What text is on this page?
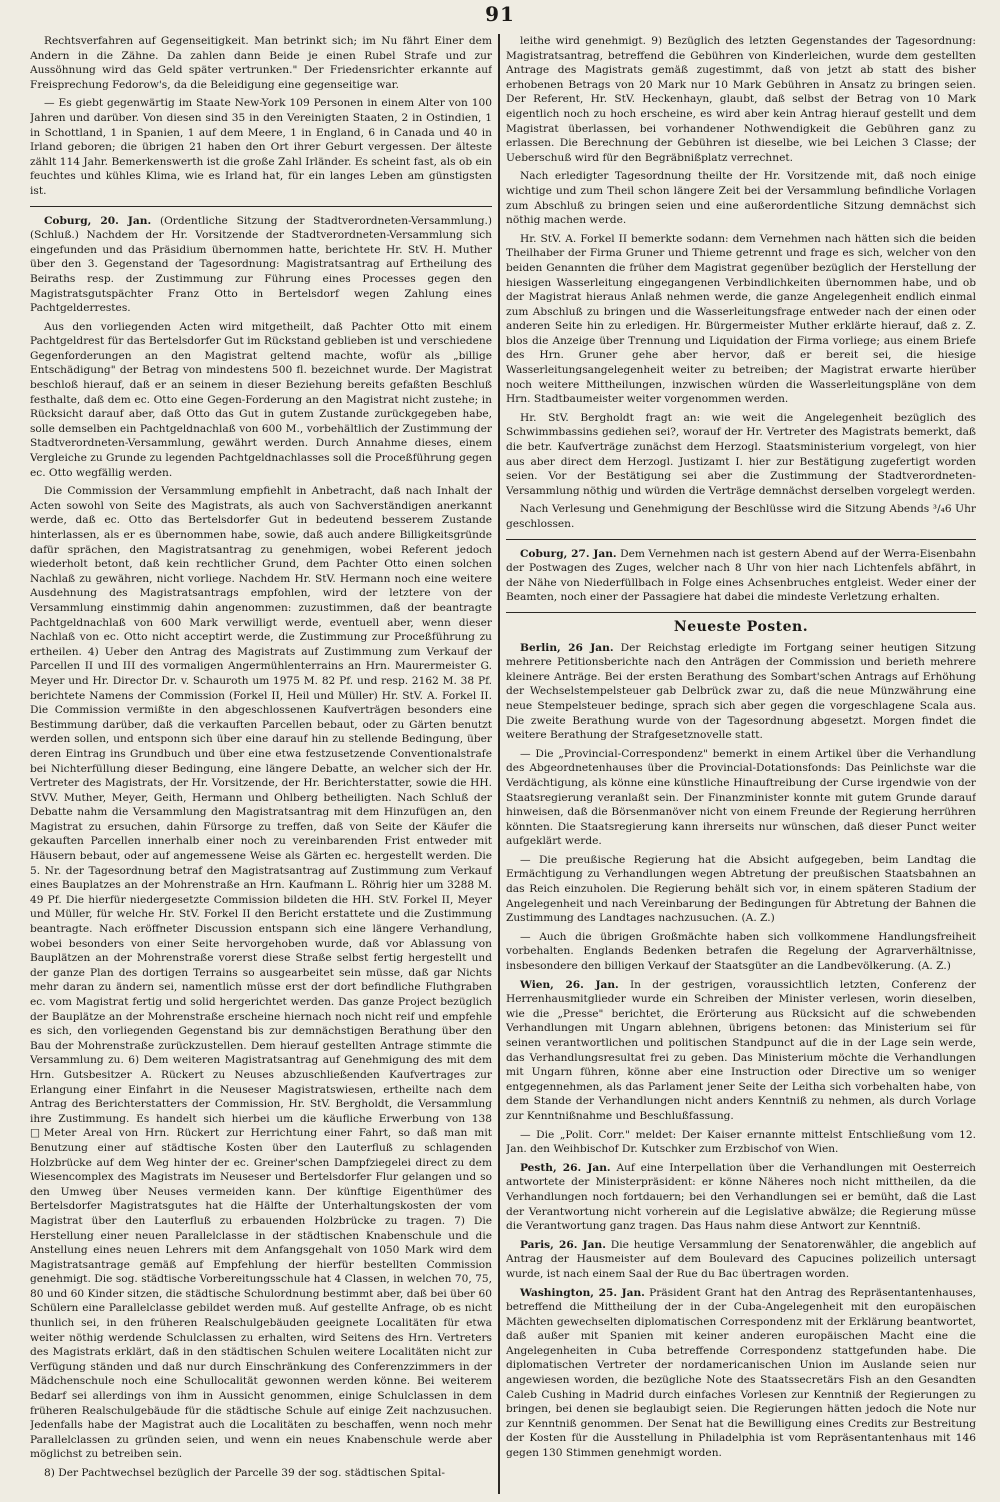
91

Rechtsverfahren auf Gegenseitigkeit. Man betrinkt sich; im Nu fährt Einer dem Andern in die Zähne. Da zahlen dann Beide je einen Rubel Strafe und zur Aussöhnung wird das Geld später vertrunken." Der Friedensrichter erkannte auf Freisprechung Fedorow's, da die Beleidigung eine gegenseitige war.

— Es giebt gegenwärtig im Staate New-York 109 Personen in einem Alter von 100 Jahren und darüber. Von diesen sind 35 in den Vereinigten Staaten, 2 in Ostindien, 1 in Schottland, 1 in Spanien, 1 auf dem Meere, 1 in England, 6 in Canada und 40 in Irland geboren; die übrigen 21 haben den Ort ihrer Geburt vergessen. Der älteste zählt 114 Jahr. Bemerkenswerth ist die große Zahl Irländer. Es scheint fast, als ob ein feuchtes und kühles Klima, wie es Irland hat, für ein langes Leben am günstigsten ist.

Coburg, 20. Jan. (Ordentliche Sitzung der Stadtverordneten-Versammlung.) (Schluß.) Nachdem der Hr. Vorsitzende der Stadtverordneten-Versammlung sich eingefunden und das Präsidium übernommen hatte, berichtete Hr. StV. H. Muther über den 3. Gegenstand der Tagesordnung: Magistratsantrag auf Ertheilung des Beiraths resp. der Zustimmung zur Führung eines Processes gegen den Magistratsgutspächter Franz Otto in Bertelsdorf wegen Zahlung eines Pachtgelderrestes.

Aus den vorliegenden Acten wird mitgetheilt, daß Pachter Otto mit einem Pachtgeldrest für das Bertelsdorfer Gut im Rückstand geblieben ist und verschiedene Gegenforderungen an den Magistrat geltend machte, wofür als „billige Entschädigung" der Betrag von mindestens 500 fl. bezeichnet wurde. Der Magistrat beschloß hierauf, daß er an seinem in dieser Beziehung bereits gefaßten Beschluß festhalte, daß dem ec. Otto eine Gegen-Forderung an den Magistrat nicht zustehe; in Rücksicht darauf aber, daß Otto das Gut in gutem Zustande zurückgegeben habe, solle demselben ein Pachtgeldnachlaß von 600 M., vorbehältlich der Zustimmung der Stadtverordneten-Versammlung, gewährt werden. Durch Annahme dieses, einem Vergleiche zu Grunde zu legenden Pachtgeldnachlasses soll die Proceßführung gegen ec. Otto wegfällig werden.

Die Commission der Versammlung empfiehlt in Anbetracht, daß nach Inhalt der Acten sowohl von Seite des Magistrats, als auch von Sachverständigen anerkannt werde, daß ec. Otto das Bertelsdorfer Gut in bedeutend besserem Zustande hinterlassen, als er es übernommen habe, sowie, daß auch andere Billigkeitsgründe dafür sprächen, den Magistratsantrag zu genehmigen, wobei Referent jedoch wiederholt betont, daß kein rechtlicher Grund, dem Pachter Otto einen solchen Nachlaß zu gewähren, nicht vorliege. Nachdem Hr. StV. Hermann noch eine weitere Ausdehnung des Magistratsantrags empfohlen, wird der letztere von der Versammlung einstimmig dahin angenommen: zuzustimmen, daß der beantragte Pachtgeldnachlaß von 600 Mark verwilligt werde, eventuell aber, wenn dieser Nachlaß von ec. Otto nicht acceptirt werde, die Zustimmung zur Proceßführung zu ertheilen. 4) Ueber den Antrag des Magistrats auf Zustimmung zum Verkauf der Parcellen II und III des vormaligen Angermühlenterrains an Hrn. Maurermeister G. Meyer und Hr. Director Dr. v. Schauroth um 1975 M. 82 Pf. und resp. 2162 M. 38 Pf. berichtete Namens der Commission (Forkel II, Heil und Müller) Hr. StV. A. Forkel II. Die Commission vermißte in den abgeschlossenen Kaufverträgen besonders eine Bestimmung darüber, daß die verkauften Parcellen bebaut, oder zu Gärten benutzt werden sollen, und entsponn sich über eine darauf hin zu stellende Bedingung, über deren Eintrag ins Grundbuch und über eine etwa festzusetzende Conventionalstrafe bei Nichterfüllung dieser Bedingung, eine längere Debatte, an welcher sich der Hr. Vertreter des Magistrats, der Hr. Vorsitzende, der Hr. Berichterstatter, sowie die HH. StVV. Muther, Meyer, Geith, Hermann und Ohlberg betheiligten. Nach Schluß der Debatte nahm die Versammlung den Magistratsantrag mit dem Hinzufügen an, den Magistrat zu ersuchen, dahin Fürsorge zu treffen, daß von Seite der Käufer die gekauften Parcellen innerhalb einer noch zu vereinbarenden Frist entweder mit Häusern bebaut, oder auf angemessene Weise als Gärten ec. hergestellt werden. Die 5. Nr. der Tagesordnung betraf den Magistratsantrag auf Zustimmung zum Verkauf eines Bauplatzes an der Mohrenstraße an Hrn. Kaufmann L. Röhrig hier um 3288 M. 49 Pf. Die hierfür niedergesetzte Commission bildeten die HH. StV. Forkel II, Meyer und Müller, für welche Hr. StV. Forkel II den Bericht erstattete und die Zustimmung beantragte. Nach eröffneter Discussion entspann sich eine längere Verhandlung, wobei besonders von einer Seite hervorgehoben wurde, daß vor Ablassung von Bauplätzen an der Mohrenstraße vorerst diese Straße selbst fertig hergestellt und der ganze Plan des dortigen Terrains so ausgearbeitet sein müsse, daß gar Nichts mehr daran zu ändern sei, namentlich müsse erst der dort befindliche Fluthgraben ec. vom Magistrat fertig und solid hergerichtet werden. Das ganze Project bezüglich der Bauplätze an der Mohrenstraße erscheine hiernach noch nicht reif und empfehle es sich, den vorliegenden Gegenstand bis zur demnächstigen Berathung über den Bau der Mohrenstraße zurückzustellen. Dem hierauf gestellten Antrage stimmte die Versammlung zu. 6) Dem weiteren Magistratsantrag auf Genehmigung des mit dem Hrn. Gutsbesitzer A. Rückert zu Neuses abzuschließenden Kaufvertrages zur Erlangung einer Einfahrt in die Neuseser Magistratswiesen, ertheilte nach dem Antrag des Berichterstatters der Commission, Hr. StV. Bergholdt, die Versammlung ihre Zustimmung. Es handelt sich hierbei um die käufliche Erwerbung von 138 □Meter Areal von Hrn. Rückert zur Herrichtung einer Fahrt, so daß man mit Benutzung einer auf städtische Kosten über den Lauterfluß zu schlagenden Holzbrücke auf dem Weg hinter der ec. Greiner'schen Dampfziegelei direct zu dem Wiesencomplex des Magistrats im Neuseser und Bertelsdorfer Flur gelangen und so den Umweg über Neuses vermeiden kann. Der künftige Eigenthümer des Bertelsdorfer Magistratsgutes hat die Hälfte der Unterhaltungskosten der vom Magistrat über den Lauterfluß zu erbauenden Holzbrücke zu tragen. 7) Die Herstellung einer neuen Parallelclasse in der städtischen Knabenschule und die Anstellung eines neuen Lehrers mit dem Anfangsgehalt von 1050 Mark wird dem Magistratsantrage gemäß auf Empfehlung der hierfür bestellten Commission genehmigt. Die sog. städtische Vorbereitungsschule hat 4 Classen, in welchen 70, 75, 80 und 60 Kinder sitzen, die städtische Schulordnung bestimmt aber, daß bei über 60 Schülern eine Parallelclasse gebildet werden muß. Auf gestellte Anfrage, ob es nicht thunlich sei, in den früheren Realschulgebäuden geeignete Localitäten für etwa weiter nöthig werdende Schulclassen zu erhalten, wird Seitens des Hrn. Vertreters des Magistrats erklärt, daß in den städtischen Schulen weitere Localitäten nicht zur Verfügung ständen und daß nur durch Einschränkung des Conferenzzimmers in der Mädchenschule noch eine Schullocalität gewonnen werden könne. Bei weiterem Bedarf sei allerdings von ihm in Aussicht genommen, einige Schulclassen in dem früheren Realschulgebäude für die städtische Schule auf einige Zeit nachzusuchen. Jedenfalls habe der Magistrat auch die Localitäten zu beschaffen, wenn noch mehr Parallelclassen zu gründen seien, und wenn ein neues Knabenschule werde aber möglichst zu betreiben sein.

8) Der Pachtwechsel bezüglich der Parcelle 39 der sog. städtischen Spital-

leithe wird genehmigt. 9) Bezüglich des letzten Gegenstandes der Tagesordnung: Magistratsantrag, betreffend die Gebühren von Kinderleichen, wurde dem gestellten Antrage des Magistrats gemäß zugestimmt, daß von jetzt ab statt des bisher erhobenen Betrags von 20 Mark nur 10 Mark Gebühren in Ansatz zu bringen seien. Der Referent, Hr. StV. Heckenhayn, glaubt, daß selbst der Betrag von 10 Mark eigentlich noch zu hoch erscheine, es wird aber kein Antrag hierauf gestellt und dem Magistrat überlassen, bei vorhandener Nothwendigkeit die Gebühren ganz zu erlassen. Die Berechnung der Gebühren ist dieselbe, wie bei Leichen 3 Classe; der Ueberschuß wird für den Begräbnißplatz verrechnet.

Nach erledigter Tagesordnung theilte der Hr. Vorsitzende mit, daß noch einige wichtige und zum Theil schon längere Zeit bei der Versammlung befindliche Vorlagen zum Abschluß zu bringen seien und eine außerordentliche Sitzung demnächst sich nöthig machen werde.

Hr. StV. A. Forkel II bemerkte sodann: dem Vernehmen nach hätten sich die beiden Theilhaber der Firma Gruner und Thieme getrennt und frage es sich, welcher von den beiden Genannten die früher dem Magistrat gegenüber bezüglich der Herstellung der hiesigen Wasserleitung eingegangenen Verbindlichkeiten übernommen habe, und ob der Magistrat hieraus Anlaß nehmen werde, die ganze Angelegenheit endlich einmal zum Abschluß zu bringen und die Wasserleitungsfrage entweder nach der einen oder anderen Seite hin zu erledigen. Hr. Bürgermeister Muther erklärte hierauf, daß z. Z. blos die Anzeige über Trennung und Liquidation der Firma vorliege; aus einem Briefe des Hrn. Gruner gehe aber hervor, daß er bereit sei, die hiesige Wasserleitungsangelegenheit weiter zu betreiben; der Magistrat erwarte hierüber noch weitere Mittheilungen, inzwischen würden die Wasserleitungspläne von dem Hrn. Stadtbaumeister weiter vorgenommen werden.

Hr. StV. Bergholdt fragt an: wie weit die Angelegenheit bezüglich des Schwimmbassins gediehen sei?, worauf der Hr. Vertreter des Magistrats bemerkt, daß die betr. Kaufverträge zunächst dem Herzogl. Staatsministerium vorgelegt, von hier aus aber direct dem Herzogl. Justizamt I. hier zur Bestätigung zugefertigt worden seien. Vor der Bestätigung sei aber die Zustimmung der Stadtverordneten-Versammlung nöthig und würden die Verträge demnächst derselben vorgelegt werden.

Nach Verlesung und Genehmigung der Beschlüsse wird die Sitzung Abends ³/₄6 Uhr geschlossen.

Coburg, 27. Jan. Dem Vernehmen nach ist gestern Abend auf der Werra-Eisenbahn der Postwagen des Zuges, welcher nach 8 Uhr von hier nach Lichtenfels abfährt, in der Nähe von Niederfüllbach in Folge eines Achsenbruches entgleist. Weder einer der Beamten, noch einer der Passagiere hat dabei die mindeste Verletzung erhalten.

Neueste Posten.

Berlin, 26 Jan. Der Reichstag erledigte im Fortgang seiner heutigen Sitzung mehrere Petitionsberichte nach den Anträgen der Commission und berieth mehrere kleinere Anträge. Bei der ersten Berathung des Sombart'schen Antrags auf Erhöhung der Wechselstempelsteuer gab Delbrück zwar zu, daß die neue Münzwährung eine neue Stempelsteuer bedinge, sprach sich aber gegen die vorgeschlagene Scala aus. Die zweite Berathung wurde von der Tagesordnung abgesetzt. Morgen findet die weitere Berathung der Strafgesetznovelle statt.

— Die „Provincial-Correspondenz" bemerkt in einem Artikel über die Verhandlung des Abgeordnetenhauses über die Provincial-Dotationsfonds: Das Peinlichste war die Verdächtigung, als könne eine künstliche Hinauftreibung der Curse irgendwie von der Staatsregierung veranlaßt sein. Der Finanzminister konnte mit gutem Grunde darauf hinweisen, daß die Börsenmanöver nicht von einem Freunde der Regierung herrühren könnten. Die Staatsregierung kann ihrerseits nur wünschen, daß dieser Punct weiter aufgeklärt werde.

— Die preußische Regierung hat die Absicht aufgegeben, beim Landtag die Ermächtigung zu Verhandlungen wegen Abtretung der preußischen Staatsbahnen an das Reich einzuholen. Die Regierung behält sich vor, in einem späteren Stadium der Angelegenheit und nach Vereinbarung der Bedingungen für Abtretung der Bahnen die Zustimmung des Landtages nachzusuchen. (A. Z.)

— Auch die übrigen Großmächte haben sich vollkommene Handlungsfreiheit vorbehalten. Englands Bedenken betrafen die Regelung der Agrarverhältnisse, insbesondere den billigen Verkauf der Staatsgüter an die Landbevölkerung. (A. Z.)

Wien, 26. Jan. In der gestrigen, voraussichtlich letzten, Conferenz der Herrenhausmitglieder wurde ein Schreiben der Minister verlesen, worin dieselben, wie die „Presse" berichtet, die Erörterung aus Rücksicht auf die schwebenden Verhandlungen mit Ungarn ablehnen, übrigens betonen: das Ministerium sei für seinen verantwortlichen und politischen Standpunct auf die in der Lage sein werde, das Verhandlungsresultat frei zu geben. Das Ministerium möchte die Verhandlungen mit Ungarn führen, könne aber eine Instruction oder Directive um so weniger entgegennehmen, als das Parlament jener Seite der Leitha sich vorbehalten habe, von dem Stande der Verhandlungen nicht anders Kenntniß zu nehmen, als durch Vorlage zur Kenntnißnahme und Beschlußfassung.

— Die „Polit. Corr." meldet: Der Kaiser ernannte mittelst Entschließung vom 12. Jan. den Weihbischof Dr. Kutschker zum Erzbischof von Wien.

Pesth, 26. Jan. Auf eine Interpellation über die Verhandlungen mit Oesterreich antwortete der Ministerpräsident: er könne Näheres noch nicht mittheilen, da die Verhandlungen noch fortdauern; bei den Verhandlungen sei er bemüht, daß die Last der Verantwortung nicht vorherein auf die Legislative abwälze; die Regierung müsse die Verantwortung ganz tragen. Das Haus nahm diese Antwort zur Kenntniß.

Paris, 26. Jan. Die heutige Versammlung der Senatorenwähler, die angeblich auf Antrag der Hausmeister auf dem Boulevard des Capucines polizeilich untersagt wurde, ist nach einem Saal der Rue du Bac übertragen worden.

Washington, 25. Jan. Präsident Grant hat den Antrag des Repräsentantenhauses, betreffend die Mittheilung der in der Cuba-Angelegenheit mit den europäischen Mächten gewechselten diplomatischen Correspondenz mit der Erklärung beantwortet, daß außer mit Spanien mit keiner anderen europäischen Macht eine die Angelegenheiten in Cuba betreffende Correspondenz stattgefunden habe. Die diplomatischen Vertreter der nordamericanischen Union im Auslande seien nur angewiesen worden, die bezügliche Note des Staatssecretärs Fish an den Gesandten Caleb Cushing in Madrid durch einfaches Vorlesen zur Kenntniß der Regierungen zu bringen, bei denen sie beglaubigt seien. Die Regierungen hätten jedoch die Note nur zur Kenntniß genommen. Der Senat hat die Bewilligung eines Credits zur Bestreitung der Kosten für die Ausstellung in Philadelphia ist vom Repräsentantenhaus mit 146 gegen 130 Stimmen genehmigt worden.
